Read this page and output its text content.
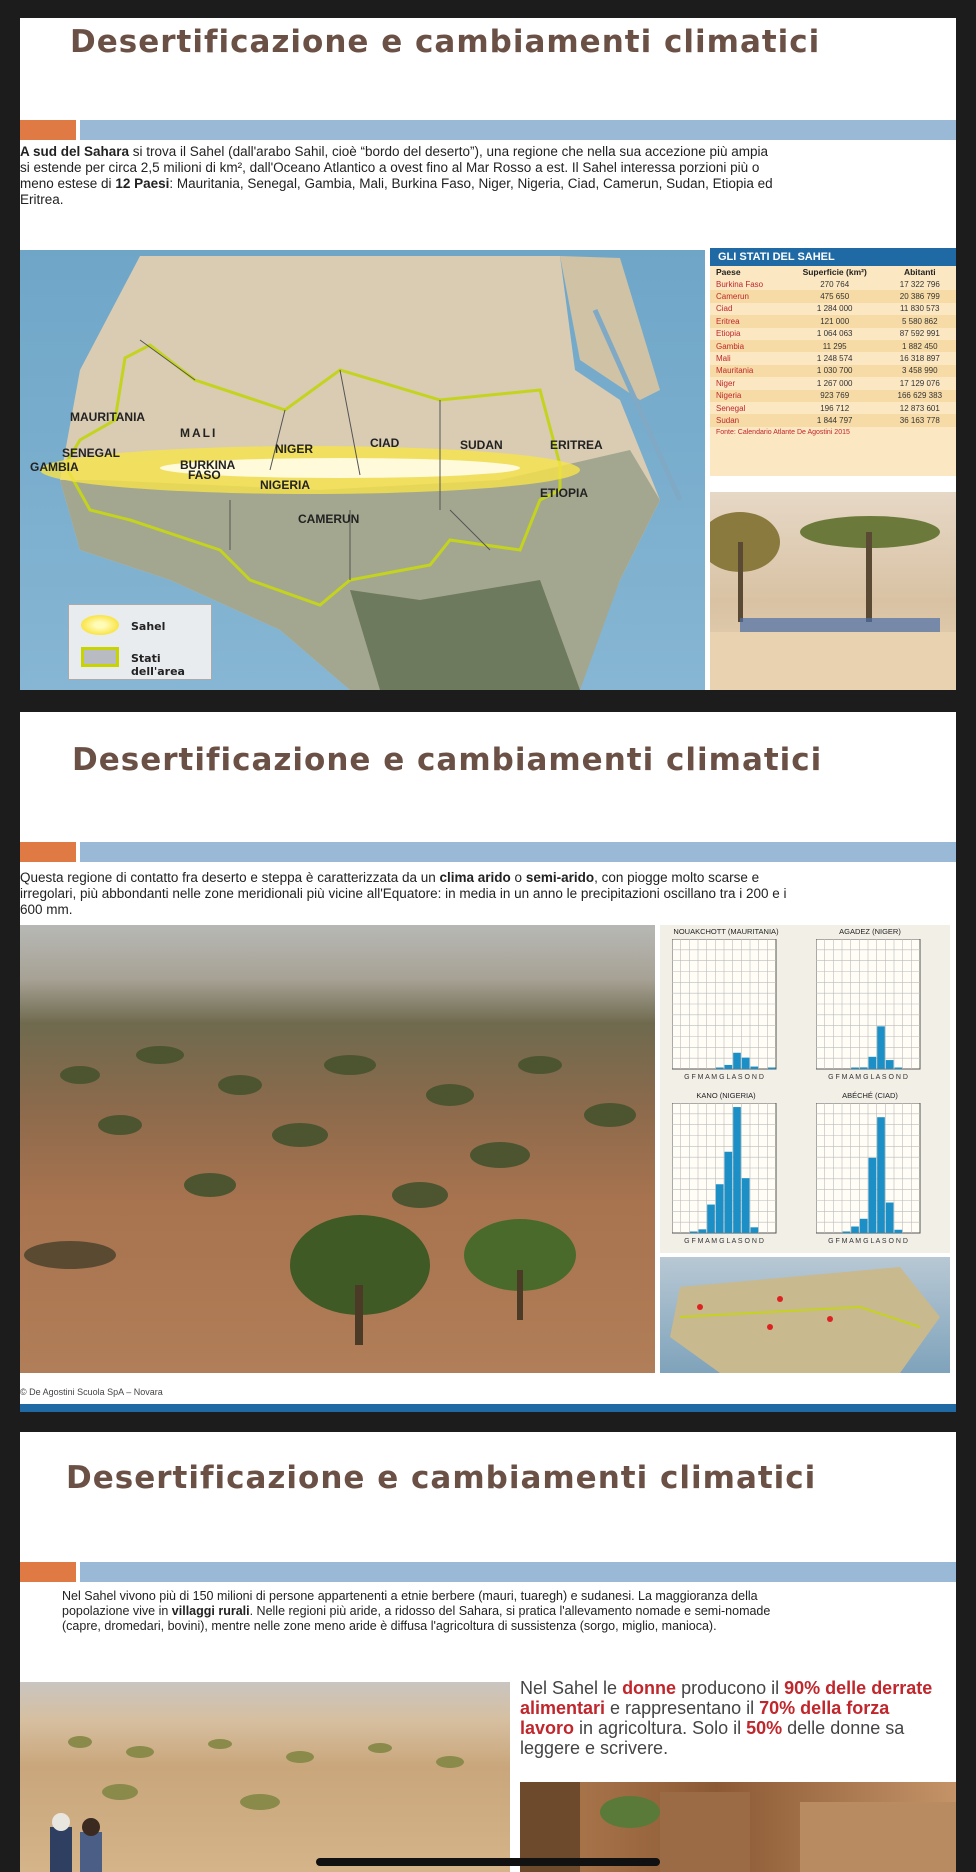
Desertificazione e cambiamenti climatici
A sud del Sahara si trova il Sahel (dall'arabo Sahil, cioè “bordo del deserto”), una regione che nella sua accezione più ampia si estende per circa 2,5 milioni di km², dall'Oceano Atlantico a ovest fino al Mar Rosso a est. Il Sahel interessa porzioni più o meno estese di 12 Paesi: Mauritania, Senegal, Gambia, Mali, Burkina Faso, Niger, Nigeria, Ciad, Camerun, Sudan, Etiopia ed Eritrea.
MAURITANIA
MALI
SENEGAL
GAMBIA	BURKINA
FASO
NIGER	CIAD	SUDAN	ERITREA
NIGERIA
ETIOPIA
CAMERUN
Sahel
Stati dell'area
GLI STATI DEL SAHEL
Paese	Superficie (km²)	Abitanti
Burkina Faso	270 764	17 322 796
Camerun	475 650	20 386 799
Ciad	1 284 000	11 830 573
Eritrea	121 000	5 580 862
Etiopia	1 064 063	87 592 991
Gambia	11 295	1 882 450
Mali	1 248 574	16 318 897
Mauritania	1 030 700	3 458 990
Niger	1 267 000	17 129 076
Nigeria	923 769	166 629 383
Senegal	196 712	12 873 601
Sudan	1 844 797	36 163 778
Fonte: Calendario Atlante De Agostini 2015
Desertificazione e cambiamenti climatici
Questa regione di contatto fra deserto e steppa è caratterizzata da un clima arido o semi-arido, con piogge molto scarse e irregolari, più abbondanti nelle zone meridionali più vicine all'Equatore: in media in un anno le precipitazioni oscillano tra i 200 e i 600 mm.
NOUAKCHOTT (MAURITANIA)
G F M A M G L A S O N D
AGADEZ (NIGER)
G F M A M G L A S O N D
KANO (NIGERIA)
G F M A M G L A S O N D
ABÉCHÉ (CIAD)
G F M A M G L A S O N D
© De Agostini Scuola SpA – Novara
Desertificazione e cambiamenti climatici
Nel Sahel vivono più di 150 milioni di persone appartenenti a etnie berbere (mauri, tuaregh) e sudanesi. La maggioranza della popolazione vive in villaggi rurali. Nelle regioni più aride, a ridosso del Sahara, si pratica l'allevamento nomade e semi-nomade (capre, dromedari, bovini), mentre nelle zone meno aride è diffusa l'agricoltura di sussistenza (sorgo, miglio, manioca).
Nel Sahel le donne producono il 90% delle derrate alimentari e rappresentano il 70% della forza lavoro in agricoltura. Solo il 50% delle donne sa leggere e scrivere.
